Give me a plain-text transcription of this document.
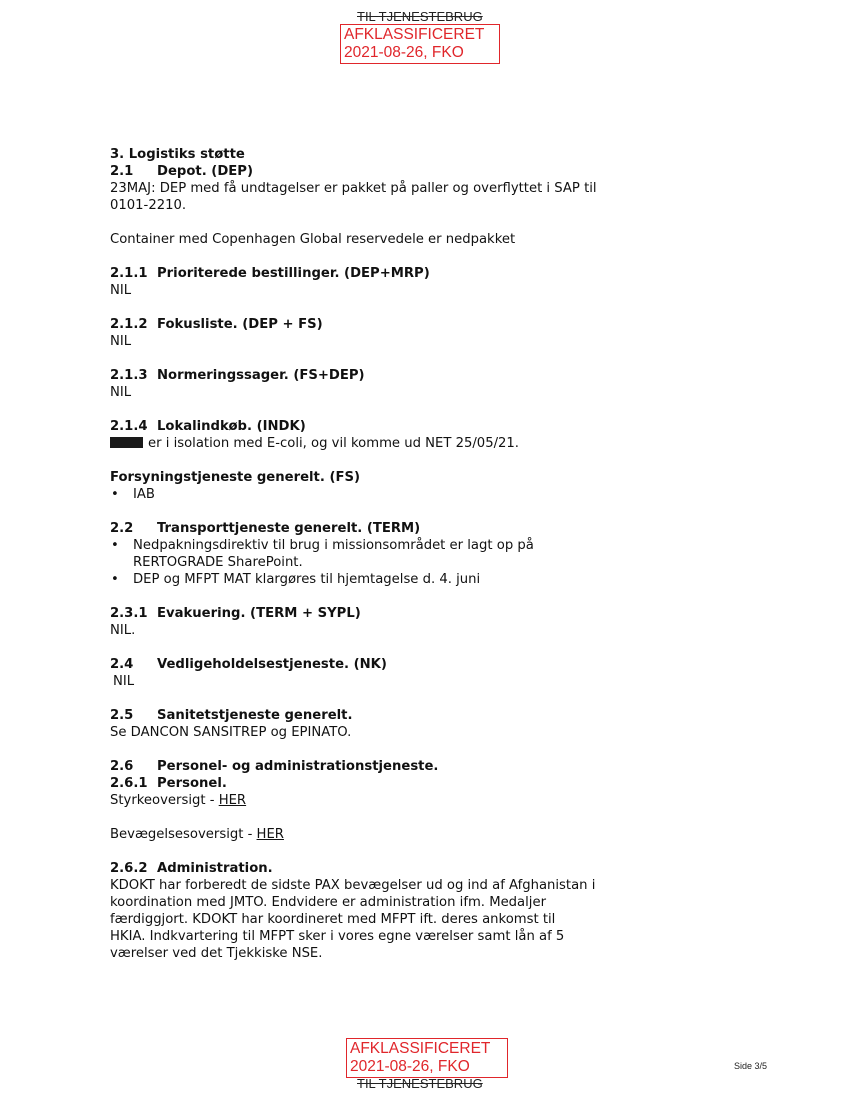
TIL TJENESTEBRUG
AFKLASSIFICERET
2021-08-26, FKO
3. Logistiks støtte
2.1 Depot. (DEP)
23MAJ: DEP med få undtagelser er pakket på paller og overflyttet i SAP til
0101-2210.
Container med Copenhagen Global reservedele er nedpakket
2.1.1 Prioriterede bestillinger. (DEP+MRP)
NIL
2.1.2 Fokusliste. (DEP + FS)
NIL
2.1.3 Normeringssager. (FS+DEP)
NIL
2.1.4 Lokalindkøb. (INDK)
er i isolation med E-coli, og vil komme ud NET 25/05/21.
Forsyningstjeneste generelt. (FS)
• IAB
2.2 Transporttjeneste generelt. (TERM)
• Nedpakningsdirektiv til brug i missionsområdet er lagt op på
RERTOGRADE SharePoint.
• DEP og MFPT MAT klargøres til hjemtagelse d. 4. juni
2.3.1 Evakuering. (TERM + SYPL)
NIL.
2.4 Vedligeholdelsestjeneste. (NK)
NIL
2.5 Sanitetstjeneste generelt.
Se DANCON SANSITREP og EPINATO.
2.6 Personel- og administrationstjeneste.
2.6.1 Personel.
Styrkeoversigt - HER
Bevægelsesoversigt - HER
2.6.2 Administration.
KDOKT har forberedt de sidste PAX bevægelser ud og ind af Afghanistan i
koordination med JMTO. Endvidere er administration ifm. Medaljer
færdiggjort. KDOKT har koordineret med MFPT ift. deres ankomst til
HKIA. Indkvartering til MFPT sker i vores egne værelser samt lån af 5
værelser ved det Tjekkiske NSE.
AFKLASSIFICERET
2021-08-26, FKO
TIL TJENESTEBRUG
Side 3/5
